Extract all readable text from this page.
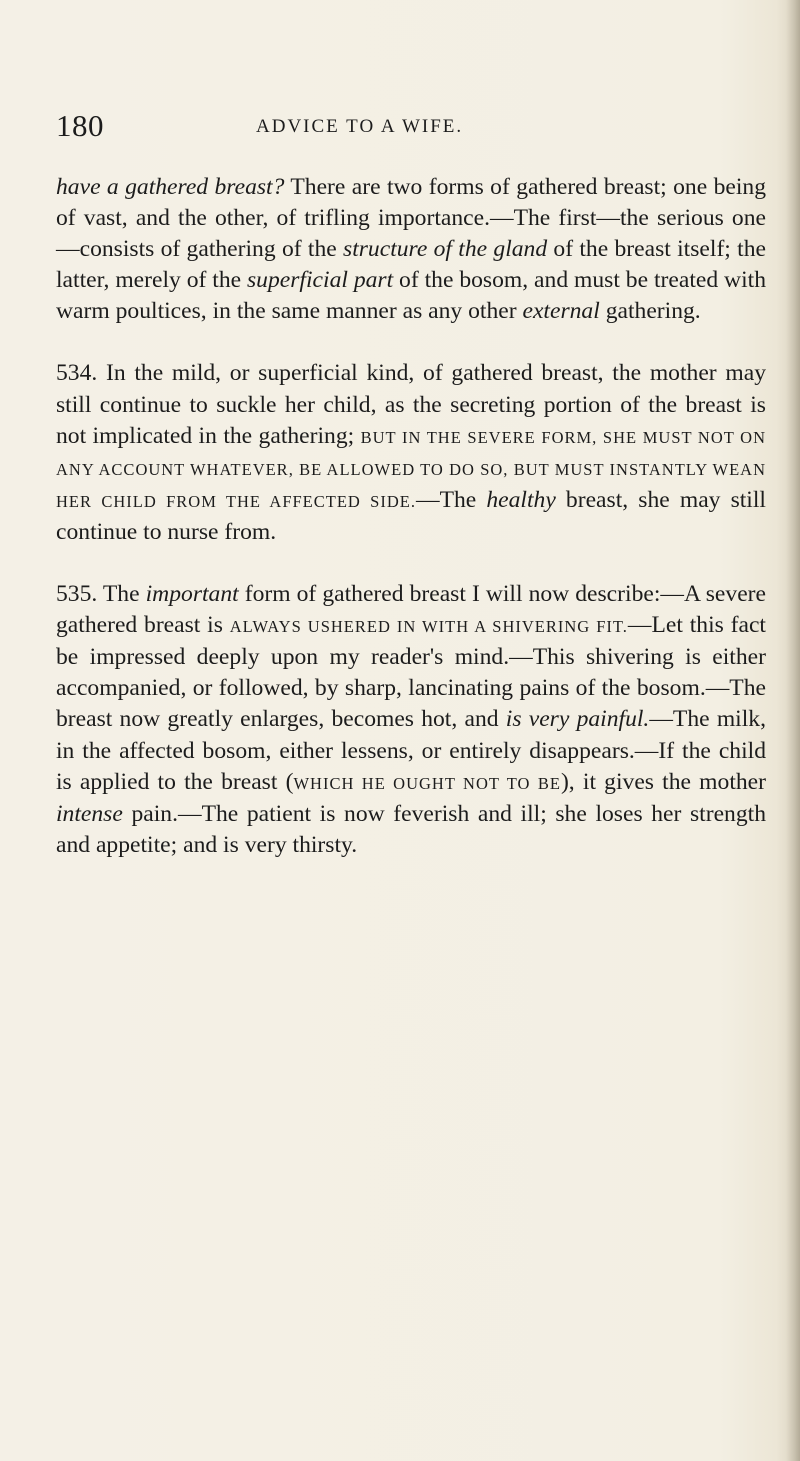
180	ADVICE TO A WIFE.

have a gathered breast? There are two forms of gathered breast; one being of vast, and the other, of trifling importance.—The first—the serious one—consists of gathering of the structure of the gland of the breast itself; the latter, merely of the superficial part of the bosom, and must be treated with warm poultices, in the same manner as any other external gathering.

534. In the mild, or superficial kind, of gathered breast, the mother may still continue to suckle her child, as the secreting portion of the breast is not implicated in the gathering; BUT IN THE SEVERE FORM, SHE MUST NOT ON ANY ACCOUNT WHATEVER, BE ALLOWED TO DO SO, BUT MUST INSTANTLY WEAN HER CHILD FROM THE AFFECTED SIDE.—The healthy breast, she may still continue to nurse from.

535. The important form of gathered breast I will now describe:—A severe gathered breast is ALWAYS USHERED IN WITH A SHIVERING FIT.—Let this fact be impressed deeply upon my reader's mind.—This shivering is either accompanied, or followed, by sharp, lancinating pains of the bosom.—The breast now greatly enlarges, becomes hot, and is very painful.—The milk, in the affected bosom, either lessens, or entirely disappears.—If the child is applied to the breast (WHICH HE OUGHT NOT TO BE), it gives the mother intense pain.—The patient is now feverish and ill; she loses her strength and appetite; and is very thirsty.
